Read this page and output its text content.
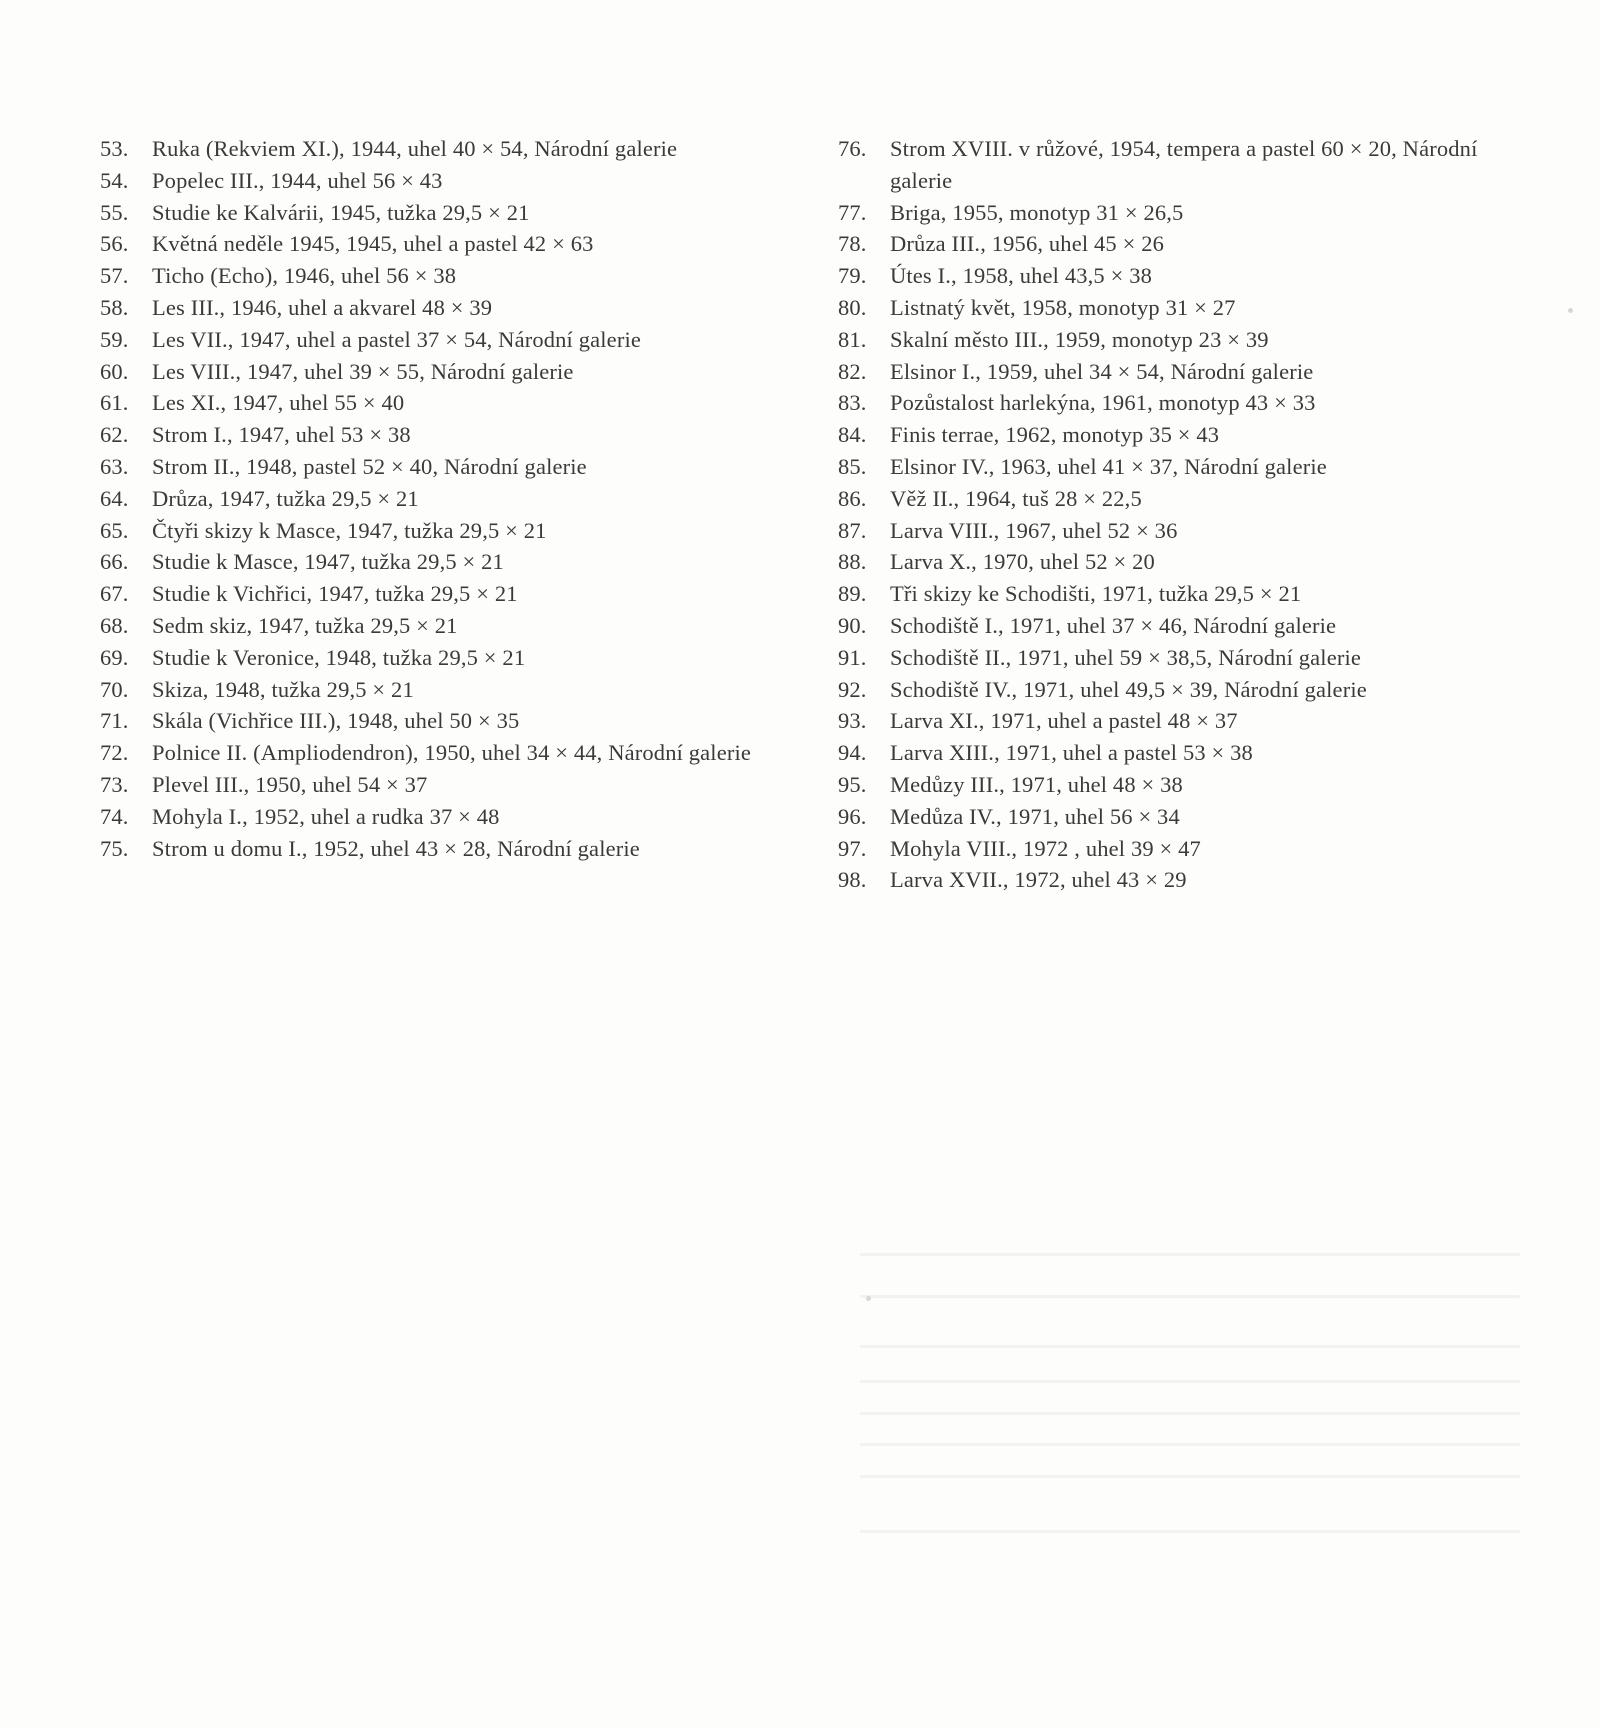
53.	Ruka (Rekviem XI.), 1944, uhel 40 × 54, Národní galerie
54.	Popelec III., 1944, uhel 56 × 43
55.	Studie ke Kalvárii, 1945, tužka 29,5 × 21
56.	Květná neděle 1945, 1945, uhel a pastel 42 × 63
57.	Ticho (Echo), 1946, uhel 56 × 38
58.	Les III., 1946, uhel a akvarel 48 × 39
59.	Les VII., 1947, uhel a pastel 37 × 54, Národní galerie
60.	Les VIII., 1947, uhel 39 × 55, Národní galerie
61.	Les XI., 1947, uhel 55 × 40
62.	Strom I., 1947, uhel 53 × 38
63.	Strom II., 1948, pastel 52 × 40, Národní galerie
64.	Drůza, 1947, tužka 29,5 × 21
65.	Čtyři skizy k Masce, 1947, tužka 29,5 × 21
66.	Studie k Masce, 1947, tužka 29,5 × 21
67.	Studie k Vichřici, 1947, tužka 29,5 × 21
68.	Sedm skiz, 1947, tužka 29,5 × 21
69.	Studie k Veronice, 1948, tužka 29,5 × 21
70.	Skiza, 1948, tužka 29,5 × 21
71.	Skála (Vichřice III.), 1948, uhel 50 × 35
72.	Polnice II. (Ampliodendron), 1950, uhel 34 × 44, Národní galerie
73.	Plevel III., 1950, uhel 54 × 37
74.	Mohyla I., 1952, uhel a rudka 37 × 48
75.	Strom u domu I., 1952, uhel 43 × 28, Národní galerie
76.	Strom XVIII. v růžové, 1954, tempera a pastel 60 × 20, Národní galerie
77.	Briga, 1955, monotyp 31 × 26,5
78.	Drůza III., 1956, uhel 45 × 26
79.	Útes I., 1958, uhel 43,5 × 38
80.	Listnatý květ, 1958, monotyp 31 × 27
81.	Skalní město III., 1959, monotyp 23 × 39
82.	Elsinor I., 1959, uhel 34 × 54, Národní galerie
83.	Pozůstalost harlekýna, 1961, monotyp 43 × 33
84.	Finis terrae, 1962, monotyp 35 × 43
85.	Elsinor IV., 1963, uhel 41 × 37, Národní galerie
86.	Věž II., 1964, tuš 28 × 22,5
87.	Larva VIII., 1967, uhel 52 × 36
88.	Larva X., 1970, uhel 52 × 20
89.	Tři skizy ke Schodišti, 1971, tužka 29,5 × 21
90.	Schodiště I., 1971, uhel 37 × 46, Národní galerie
91.	Schodiště II., 1971, uhel 59 × 38,5, Národní galerie
92.	Schodiště IV., 1971, uhel 49,5 × 39, Národní galerie
93.	Larva XI., 1971, uhel a pastel 48 × 37
94.	Larva XIII., 1971, uhel a pastel 53 × 38
95.	Medůzy III., 1971, uhel 48 × 38
96.	Medůza IV., 1971, uhel 56 × 34
97.	Mohyla VIII., 1972 , uhel 39 × 47
98.	Larva XVII., 1972, uhel 43 × 29
